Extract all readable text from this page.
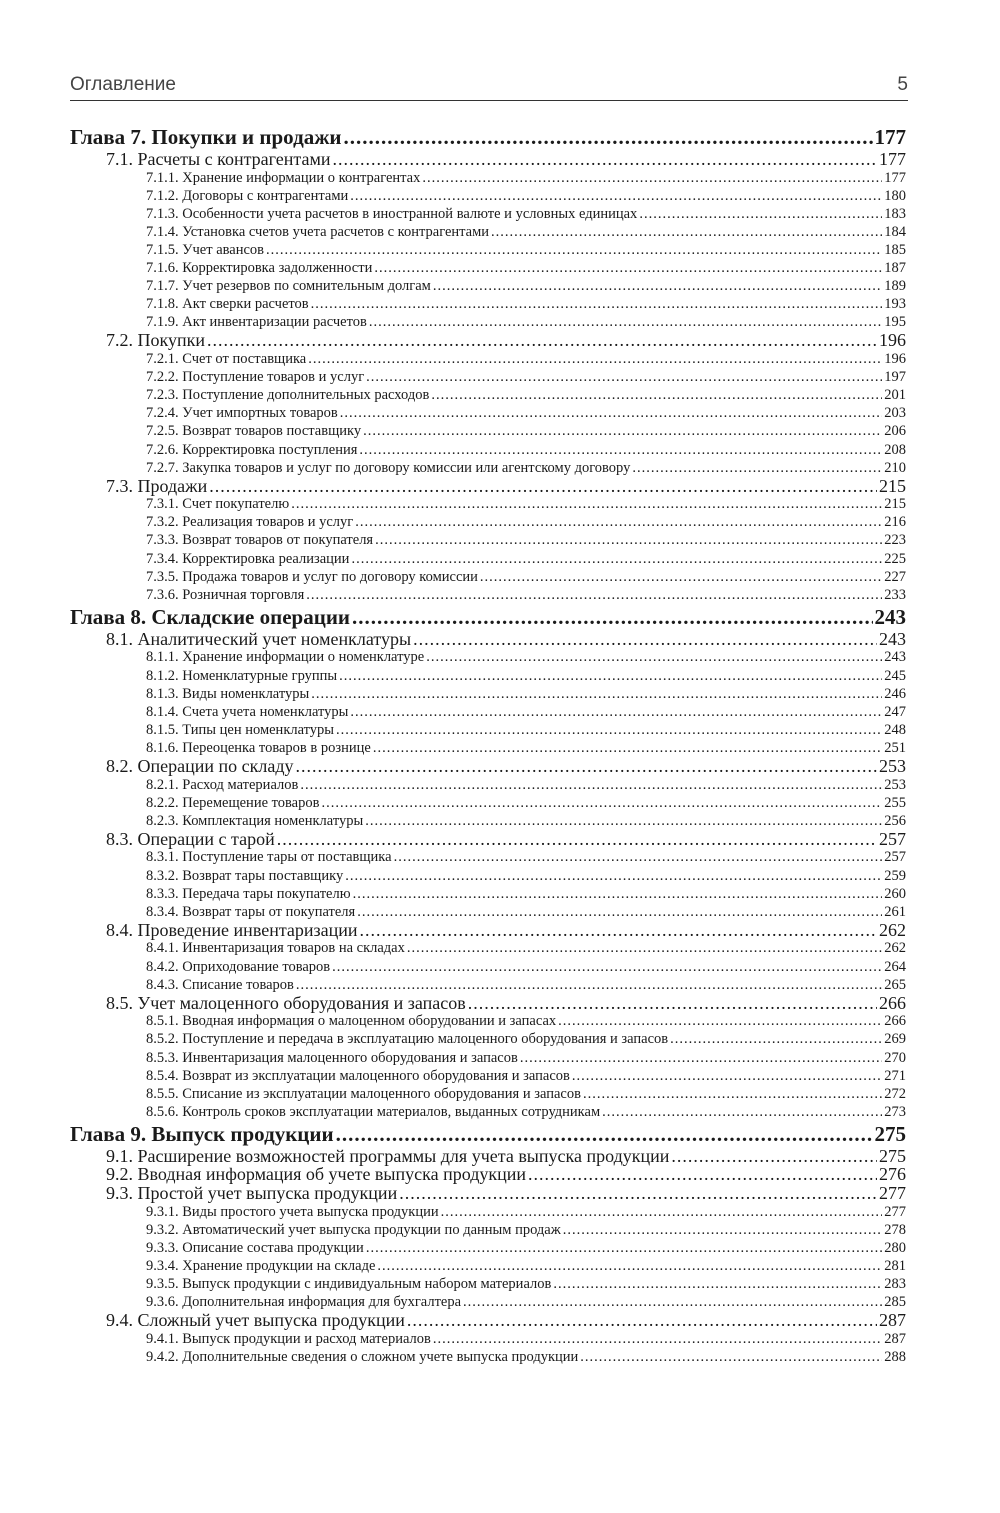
Оглавление	5
Глава 7. Покупки и продажи .....	177
7.1. Расчеты с контрагентами .....	177
7.1.1. Хранение информации о контрагентах .....	177
7.1.2. Договоры с контрагентами .....	180
7.1.3. Особенности учета расчетов в иностранной валюте и условных единицах .....	183
7.1.4. Установка счетов учета расчетов с контрагентами .....	184
7.1.5. Учет авансов .....	185
7.1.6. Корректировка задолженности .....	187
7.1.7. Учет резервов по сомнительным долгам .....	189
7.1.8. Акт сверки расчетов .....	193
7.1.9. Акт инвентаризации расчетов .....	195
7.2. Покупки .....	196
7.2.1. Счет от поставщика .....	196
7.2.2. Поступление товаров и услуг .....	197
7.2.3. Поступление дополнительных расходов .....	201
7.2.4. Учет импортных товаров .....	203
7.2.5. Возврат товаров поставщику .....	206
7.2.6. Корректировка поступления .....	208
7.2.7. Закупка товаров и услуг по договору комиссии или агентскому договору .....	210
7.3. Продажи .....	215
7.3.1. Счет покупателю .....	215
7.3.2. Реализация товаров и услуг .....	216
7.3.3. Возврат товаров от покупателя .....	223
7.3.4. Корректировка реализации .....	225
7.3.5. Продажа товаров и услуг по договору комиссии .....	227
7.3.6. Розничная торговля .....	233
Глава 8. Складские операции .....	243
8.1. Аналитический учет номенклатуры .....	243
8.1.1. Хранение информации о номенклатуре .....	243
8.1.2. Номенклатурные группы .....	245
8.1.3. Виды номенклатуры .....	246
8.1.4. Счета учета номенклатуры .....	247
8.1.5. Типы цен номенклатуры .....	248
8.1.6. Переоценка товаров в рознице .....	251
8.2. Операции по складу .....	253
8.2.1. Расход материалов .....	253
8.2.2. Перемещение товаров .....	255
8.2.3. Комплектация номенклатуры .....	256
8.3. Операции с тарой .....	257
8.3.1. Поступление тары от поставщика .....	257
8.3.2. Возврат тары поставщику .....	259
8.3.3. Передача тары покупателю .....	260
8.3.4. Возврат тары от покупателя .....	261
8.4. Проведение инвентаризации .....	262
8.4.1. Инвентаризация товаров на складах .....	262
8.4.2. Оприходование товаров .....	264
8.4.3. Списание товаров .....	265
8.5. Учет малоценного оборудования и запасов .....	266
8.5.1. Вводная информация о малоценном оборудовании и запасах .....	266
8.5.2. Поступление и передача в эксплуатацию малоценного оборудования и запасов .....	269
8.5.3. Инвентаризация малоценного оборудования и запасов .....	270
8.5.4. Возврат из эксплуатации малоценного оборудования и запасов .....	271
8.5.5. Списание из эксплуатации малоценного оборудования и запасов .....	272
8.5.6. Контроль сроков эксплуатации материалов, выданных сотрудникам .....	273
Глава 9. Выпуск продукции .....	275
9.1. Расширение возможностей программы для учета выпуска продукции .....	275
9.2. Вводная информация об учете выпуска продукции .....	276
9.3. Простой учет выпуска продукции .....	277
9.3.1. Виды простого учета выпуска продукции .....	277
9.3.2. Автоматический учет выпуска продукции по данным продаж .....	278
9.3.3. Описание состава продукции .....	280
9.3.4. Хранение продукции на складе .....	281
9.3.5. Выпуск продукции с индивидуальным набором материалов .....	283
9.3.6. Дополнительная информация для бухгалтера .....	285
9.4. Сложный учет выпуска продукции .....	287
9.4.1. Выпуск продукции и расход материалов .....	287
9.4.2. Дополнительные сведения о сложном учете выпуска продукции .....	288
